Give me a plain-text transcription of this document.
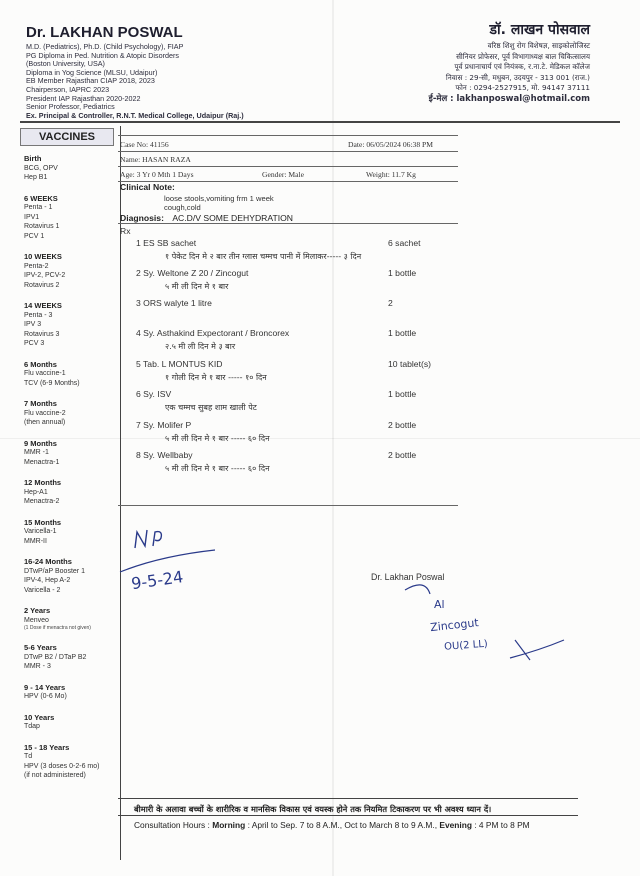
Dr. LAKHAN POSWAL
M.D. (Pediatrics), Ph.D. (Child Psychology), FIAP
PG Diploma in Ped. Nutrition & Atopic Disorders
(Boston University, USA)
Diploma in Yog Science (MLSU, Udaipur)
EB Member Rajasthan CIAP 2018, 2023
Chairperson, IAPRC 2023
President IAP Rajasthan 2020-2022
Senior Professor, Pediatrics
Ex. Principal & Controller, R.N.T. Medical College, Udaipur (Raj.)
डॉ. लाखन पोसवाल
वरिष्ठ शिशु रोग विशेषज्ञ, साइकोलोजिस्ट
सीनियर प्रोफेसर, पूर्व विभागाध्यक्ष बाल चिकित्सालय
पूर्व प्रधानाचार्य एवं नियंत्रक, र.ना.टे. मेडिकल कॉलेज
निवास : 29-सी, मधुबन, उदयपुर - 313 001 (राज.)
फोन : 0294-2527915, मो. 94147 37111
ई-मेल : lakhanposwal@hotmail.com
VACCINES
Birth
BCG, OPV
Hep B1
6 WEEKS
Penta - 1
IPV1
Rotavirus 1
PCV 1
10 WEEKS
Penta-2
IPV-2, PCV-2
Rotavirus 2
14 WEEKS
Penta - 3
IPV 3
Rotavirus 3
PCV 3
6 Months
Flu vaccine-1
TCV (6-9 Months)
7 Months
Flu vaccine-2
(then annual)
9 Months
MMR -1
Menactra-1
12 Months
Hep-A1
Menactra-2
15 Months
Varicella-1
MMR-II
16-24 Months
DTwP/aP Booster 1
IPV-4, Hep A-2
Varicella - 2
2 Years
Menveo
(1 Dose if menactra not given)
5-6 Years
DTwP B2 / DTaP B2
MMR - 3
9 - 14 Years
HPV (0-6 Mo)
10 Years
Tdap
15 - 18 Years
Td
HPV (3 doses 0-2-6 mo)
(if not administered)
Case No: 41156	Date: 06/05/2024 06:38 PM
Name: HASAN RAZA
Age: 3 Yr 0 Mth 1 Days	Gender: Male	Weight: 11.7 Kg
Clinical Note:
loose stools,vomiting frm 1 week
cough,cold
Diagnosis: AC.D/V SOME DEHYDRATION
Rx
1 ES SB sachet	6 sachet
१ पेकेट दिन मे २ बार तीन ग्लास चम्मच पानी में मिलाकर----- ३ दिन
2 Sy. Weltone Z 20 / Zincogut	1 bottle
५ मी ली दिन मे १ बार
3 ORS walyte 1 litre	2
4 Sy. Asthakind Expectorant / Broncorex	1 bottle
२.५ मी ली दिन मे ३ बार
5 Tab. L MONTUS KID	10 tablet(s)
१ गोली दिन मे १ बार ----- १० दिन
6 Sy. ISV	1 bottle
एक चम्मच सुबह शाम खाली पेट
7 Sy. Molifer P	2 bottle
५ मी ली दिन मे १ बार ----- ६० दिन
8 Sy. Wellbaby	2 bottle
५ मी ली दिन मे १ बार ----- ६० दिन
Dr. Lakhan Poswal
9-5-24
Al
Zincogut
OU(2 LL)
बीमारी के अलावा बच्चों के शारीरिक व मानसिक विकास एवं वयस्क होने तक नियमित टिकाकरण पर भी अवश्य ध्यान दें।
Consultation Hours : Morning : April to Sep. 7 to 8 A.M., Oct to March 8 to 9 A.M., Evening : 4 PM to 8 PM
